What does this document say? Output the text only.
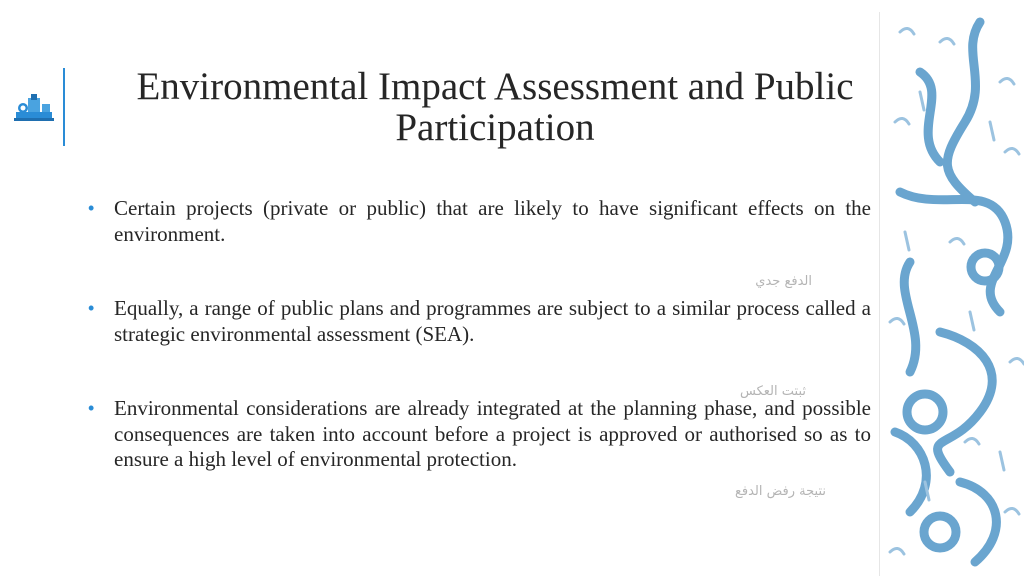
Environmental Impact Assessment and Public Participation
• Certain projects (private or public) that are likely to have significant effects on the environment.
• Equally, a range of public plans and programmes are subject to a similar process called a strategic environmental assessment (SEA).
• Environmental considerations are already integrated at the planning phase, and possible consequences are taken into account before a project is approved or authorised so as to ensure a high level of environmental protection.
الدفع جدي
ثبتت العكس
نتيجة رفض الدفع
